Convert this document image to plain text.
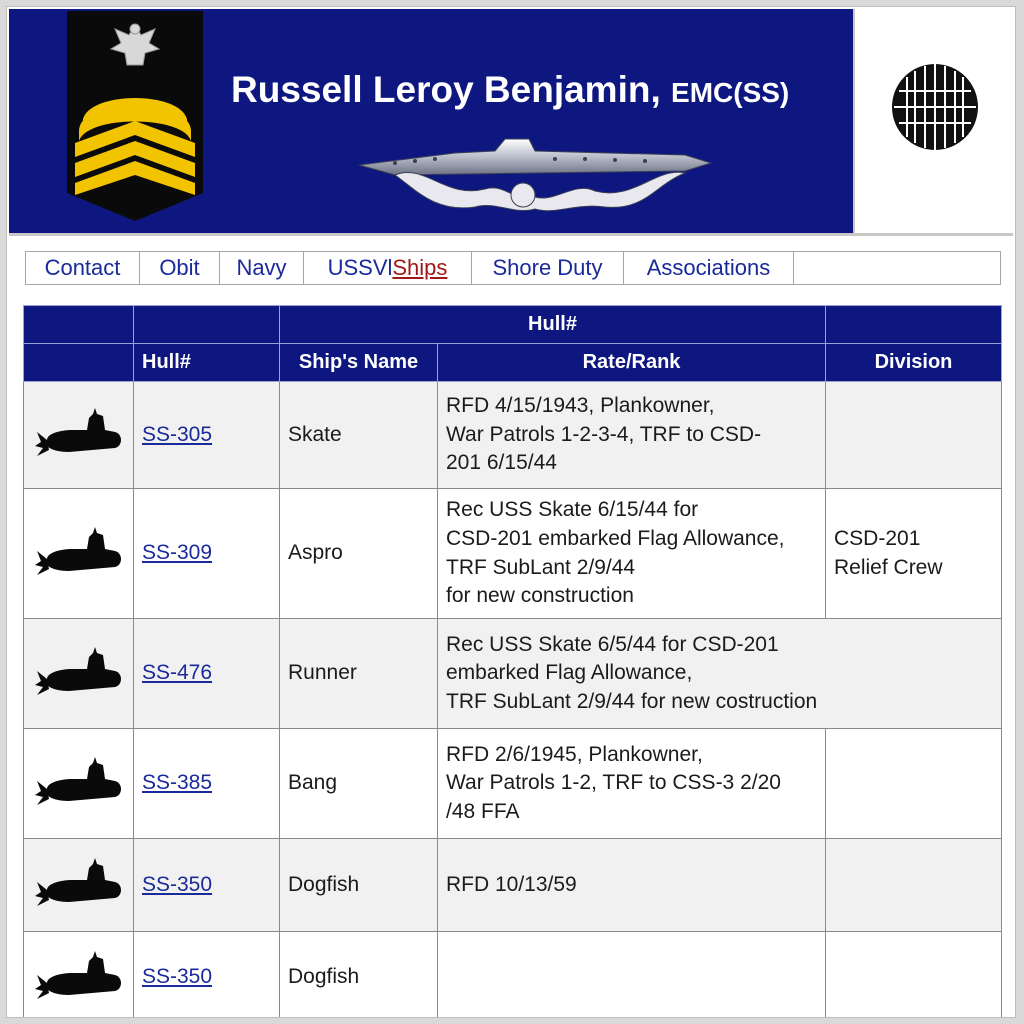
Russell Leroy Benjamin, EMC(SS)
Contact	Obit	Navy	USSVl Ships	Shore Duty	Associations
		Hull#		
	Hull#	Ship's Name	Rate/Rank	Division

	SS-305	Skate	RFD 4/15/1943, Plankowner,
War Patrols 1-2-3-4, TRF to CSD-
201 6/15/44	

	SS-309	Aspro	Rec USS Skate 6/15/44 for
CSD-201 embarked Flag Allowance,
TRF SubLant 2/9/44
for new construction	CSD-201
Relief Crew

	SS-476	Runner	Rec USS Skate 6/5/44 for CSD-201
embarked Flag Allowance,
TRF SubLant 2/9/44 for new costruction	

	SS-385	Bang	RFD 2/6/1945, Plankowner,
War Patrols 1-2, TRF to CSS-3 2/20
/48 FFA	

	SS-350	Dogfish	RFD 10/13/59	

	SS-350	Dogfish		
